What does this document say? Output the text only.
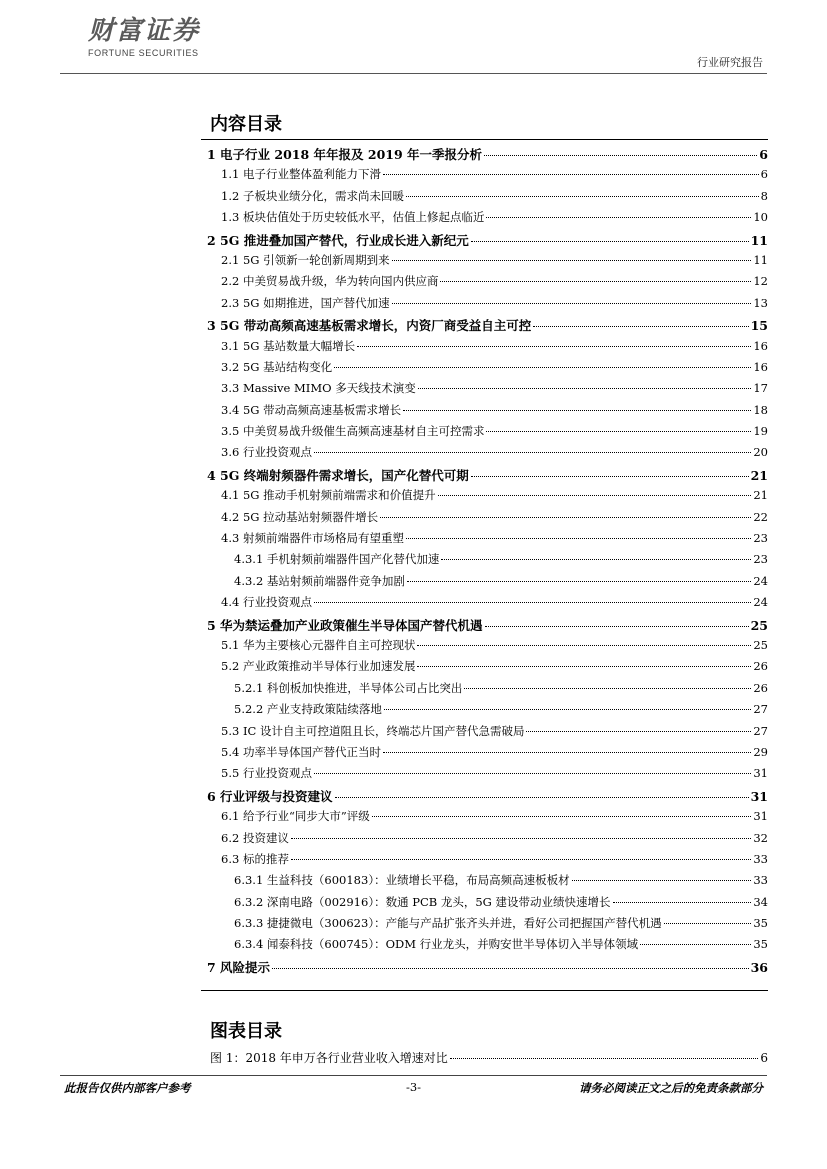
财富证券
FORTUNE SECURITIES
行业研究报告
内容目录
1 电子行业 2018 年年报及 2019 年一季报分析	6
1.1 电子行业整体盈利能力下滑	6
1.2 子板块业绩分化，需求尚未回暖	8
1.3 板块估值处于历史较低水平，估值上修起点临近	10
2 5G 推进叠加国产替代，行业成长进入新纪元	11
2.1 5G 引领新一轮创新周期到来	11
2.2 中美贸易战升级，华为转向国内供应商	12
2.3 5G 如期推进，国产替代加速	13
3 5G 带动高频高速基板需求增长，内资厂商受益自主可控	15
3.1 5G 基站数量大幅增长	16
3.2 5G 基站结构变化	16
3.3 Massive MIMO 多天线技术演变	17
3.4 5G 带动高频高速基板需求增长	18
3.5 中美贸易战升级催生高频高速基材自主可控需求	19
3.6 行业投资观点	20
4 5G 终端射频器件需求增长，国产化替代可期	21
4.1 5G 推动手机射频前端需求和价值提升	21
4.2 5G 拉动基站射频器件增长	22
4.3 射频前端器件市场格局有望重塑	23
4.3.1 手机射频前端器件国产化替代加速	23
4.3.2 基站射频前端器件竞争加剧	24
4.4 行业投资观点	24
5 华为禁运叠加产业政策催生半导体国产替代机遇	25
5.1 华为主要核心元器件自主可控现状	25
5.2 产业政策推动半导体行业加速发展	26
5.2.1 科创板加快推进，半导体公司占比突出	26
5.2.2 产业支持政策陆续落地	27
5.3 IC 设计自主可控道阻且长，终端芯片国产替代急需破局	27
5.4 功率半导体国产替代正当时	29
5.5 行业投资观点	31
6 行业评级与投资建议	31
6.1 给予行业“同步大市”评级	31
6.2 投资建议	32
6.3 标的推荐	33
6.3.1 生益科技（600183）：业绩增长平稳，布局高频高速板板材	33
6.3.2 深南电路（002916）：数通 PCB 龙头，5G 建设带动业绩快速增长	34
6.3.3 捷捷微电（300623）：产能与产品扩张齐头并进，看好公司把握国产替代机遇	35
6.3.4 闻泰科技（600745）：ODM 行业龙头，并购安世半导体切入半导体领域	35
7 风险提示	36
图表目录
图 1：2018 年申万各行业营业收入增速对比	6
此报告仅供内部客户参考	-3-	请务必阅读正文之后的免责条款部分
